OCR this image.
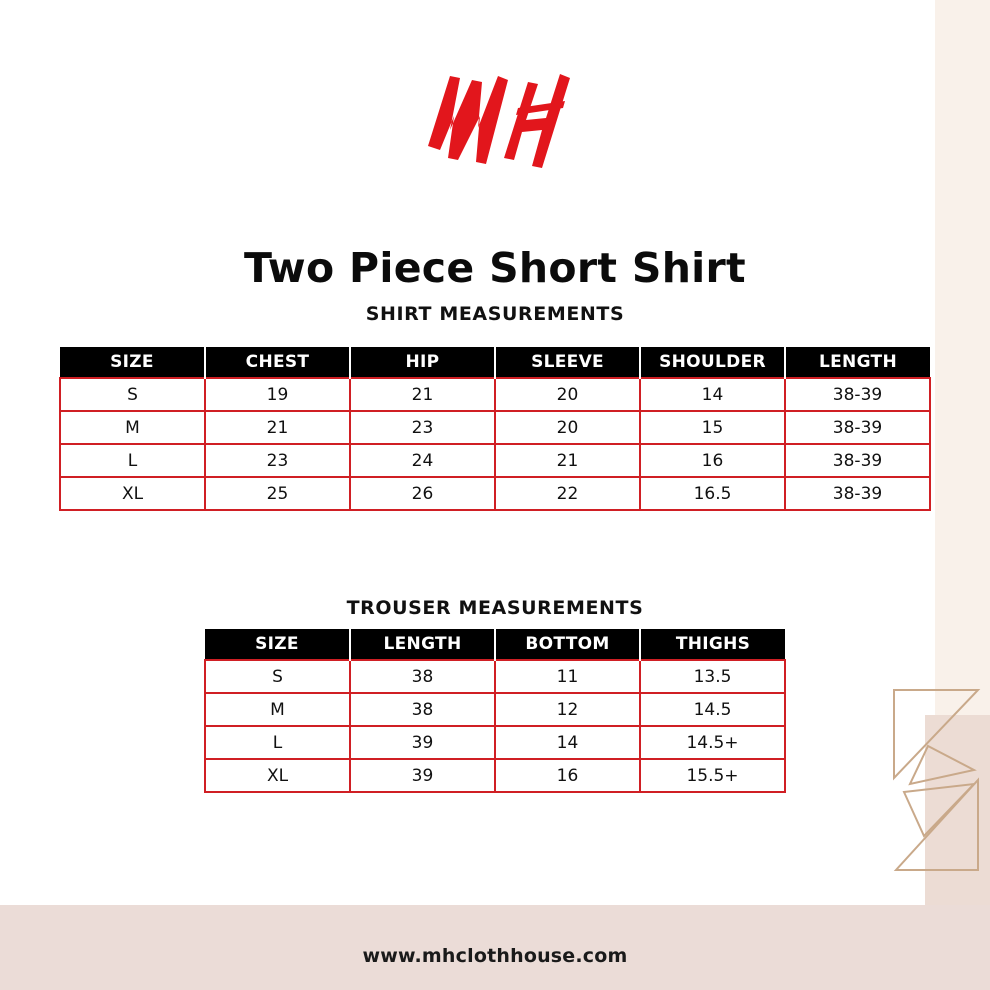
Two Piece Short Shirt
SHIRT MEASUREMENTS
SIZE	CHEST	HIP	SLEEVE	SHOULDER	LENGTH
S	19	21	20	14	38-39
M	21	23	20	15	38-39
L	23	24	21	16	38-39
XL	25	26	22	16.5	38-39
TROUSER MEASUREMENTS
SIZE	LENGTH	BOTTOM	THIGHS
S	38	11	13.5
M	38	12	14.5
L	39	14	14.5+
XL	39	16	15.5+
www.mhclothhouse.com
